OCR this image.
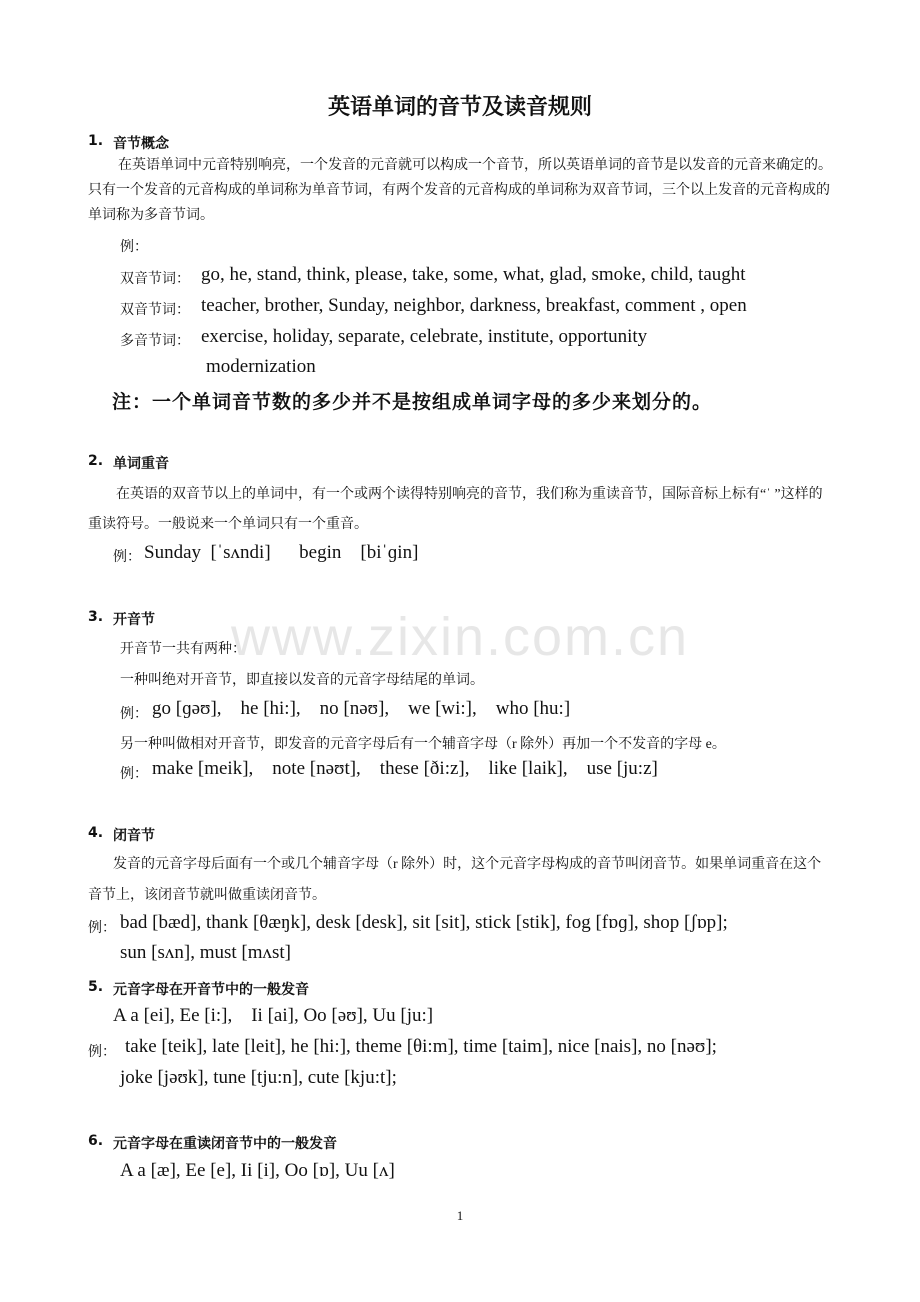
英语单词的音节及读音规则
1. 音节概念
在英语单词中元音特别响亮，一个发音的元音就可以构成一个音节，所以英语单词的音节是以发音的元音来确定的。只有一个发音的元音构成的单词称为单音节词，有两个发音的元音构成的单词称为双音节词，三个以上发音的元音构成的单词称为多音节词。
例：
双音节词： go, he, stand, think, please, take, some, what, glad, smoke, child, taught
双音节词： teacher, brother, Sunday, neighbor, darkness, breakfast, comment , open
多音节词： exercise, holiday, separate, celebrate, institute, opportunity
modernization
注：一个单词音节数的多少并不是按组成单词字母的多少来划分的。
2. 单词重音
在英语的双音节以上的单词中，有一个或两个读得特别响亮的音节，我们称为重读音节，国际音标上标有“ˈ ”这样的重读符号。一般说来一个单词只有一个重音。
例： Sunday  [ˈsʌndi]      begin    [biˈɡin]
3. 开音节
开音节一共有两种：
一种叫绝对开音节，即直接以发音的元音字母结尾的单词。
例： go [ɡəʊ],    he [hi:],    no [nəʊ],    we [wi:],    who [hu:]
另一种叫做相对开音节，即发音的元音字母后有一个辅音字母（r 除外）再加一个不发音的字母 e。
例： make [meik],    note [nəʊt],    these [ði:z],    like [laik],    use [ju:z]
4. 闭音节
发音的元音字母后面有一个或几个辅音字母（r 除外）时，这个元音字母构成的音节叫闭音节。如果单词重音在这个音节上，该闭音节就叫做重读闭音节。
例： bad [bæd], thank [θæŋk], desk [desk], sit [sit], stick [stik], fog [fɒɡ], shop [ʃɒp];
sun [sʌn], must [mʌst]
5. 元音字母在开音节中的一般发音
A a [ei], Ee [i:],    Ii [ai], Oo [əʊ], Uu [ju:]
例： take [teik], late [leit], he [hi:], theme [θi:m], time [taim], nice [nais], no [nəʊ];
joke [jəʊk], tune [tju:n], cute [kju:t];
6. 元音字母在重读闭音节中的一般发音
A a [æ], Ee [e], Ii [i], Oo [ɒ], Uu [ʌ]
www.zixin.com.cn
1
